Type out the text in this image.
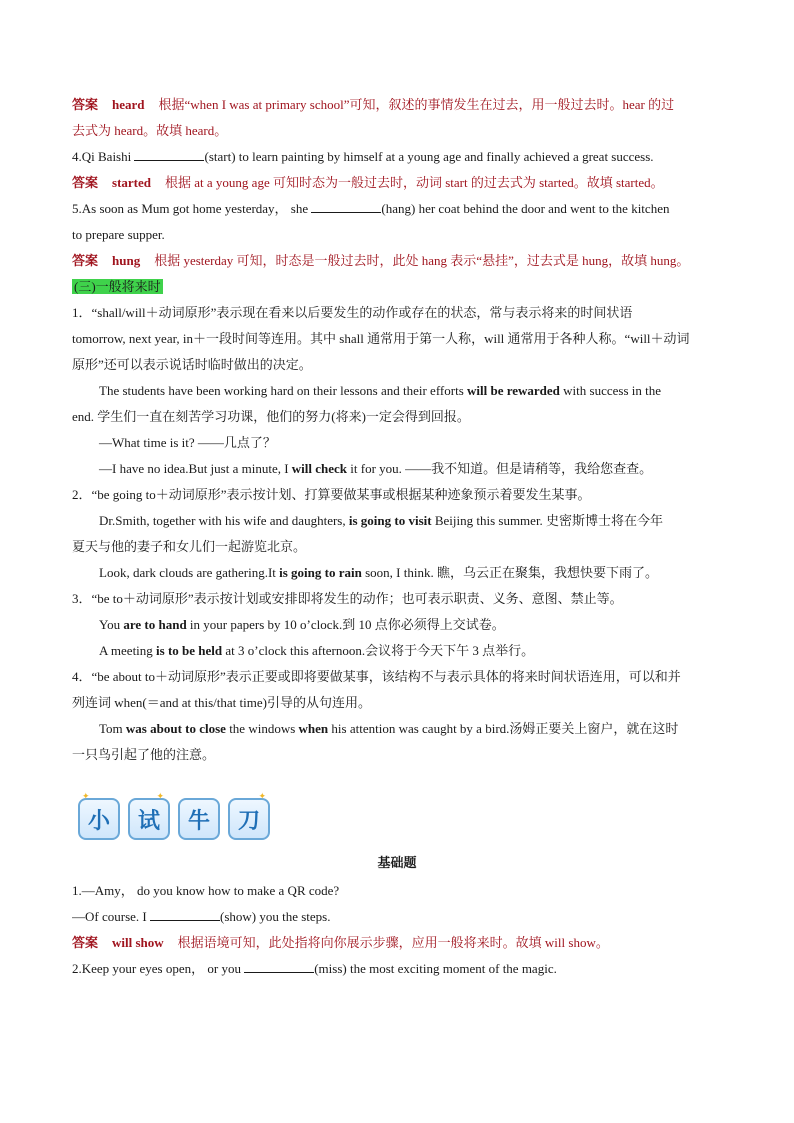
答案 heard 根据“when I was at primary school”可知，叙述的事情发生在过去，用一般过去时。hear 的过
去式为 heard。故填 heard。
4.Qi Baishi	(start) to learn painting by himself at a young age and finally achieved a great success.
答案 started 根据 at a young age 可知时态为一般过去时，动词 start 的过去式为 started。故填 started。
5.As soon as Mum got home yesterday， she	(hang) her coat behind the door and went to the kitchen
to prepare supper.
答案 hung 根据 yesterday 可知，时态是一般过去时，此处 hang 表示“悬挂”，过去式是 hung，故填 hung。
(三)一般将来时
1．“shall/will＋动词原形”表示现在看来以后要发生的动作或存在的状态，常与表示将来的时间状语
tomorrow, next year, in＋一段时间等连用。其中 shall 通常用于第一人称，will 通常用于各种人称。“will＋动词
原形”还可以表示说话时临时做出的决定。
The students have been working hard on their lessons and their efforts will be rewarded with success in the
end. 学生们一直在刻苦学习功课，他们的努力(将来)一定会得到回报。
—What time is it? ——几点了？
—I have no idea.But just a minute, I will check it for you. ——我不知道。但是请稍等，我给您查查。
2．“be going to＋动词原形”表示按计划、打算要做某事或根据某种迹象预示着要发生某事。
Dr.Smith, together with his wife and daughters, is going to visit Beijing this summer. 史密斯博士将在今年
夏天与他的妻子和女儿们一起游览北京。
Look, dark clouds are gathering.It is going to rain soon, I think. 瞧，乌云正在聚集，我想快要下雨了。
3．“be to＋动词原形”表示按计划或安排即将发生的动作；也可表示职责、义务、意图、禁止等。
You are to hand in your papers by 10 o’clock.到 10 点你必须得上交试卷。
A meeting is to be held at 3 o’clock this afternoon.会议将于今天下午 3 点举行。
4．“be about to＋动词原形”表示正要或即将要做某事，该结构不与表示具体的将来时间状语连用，可以和并
列连词 when(＝and at this/that time)引导的从句连用。
Tom was about to close the windows when his attention was caught by a bird.汤姆正要关上窗户，就在这时
一只鸟引起了他的注意。
✦
小
✦
试 牛
✦
刀
基础题
1.—Amy， do you know how to make a QR code?
—Of course. I	(show) you the steps.
答案 will show 根据语境可知，此处指将向你展示步骤，应用一般将来时。故填 will show。
2.Keep your eyes open， or you	(miss) the most exciting moment of the magic.
